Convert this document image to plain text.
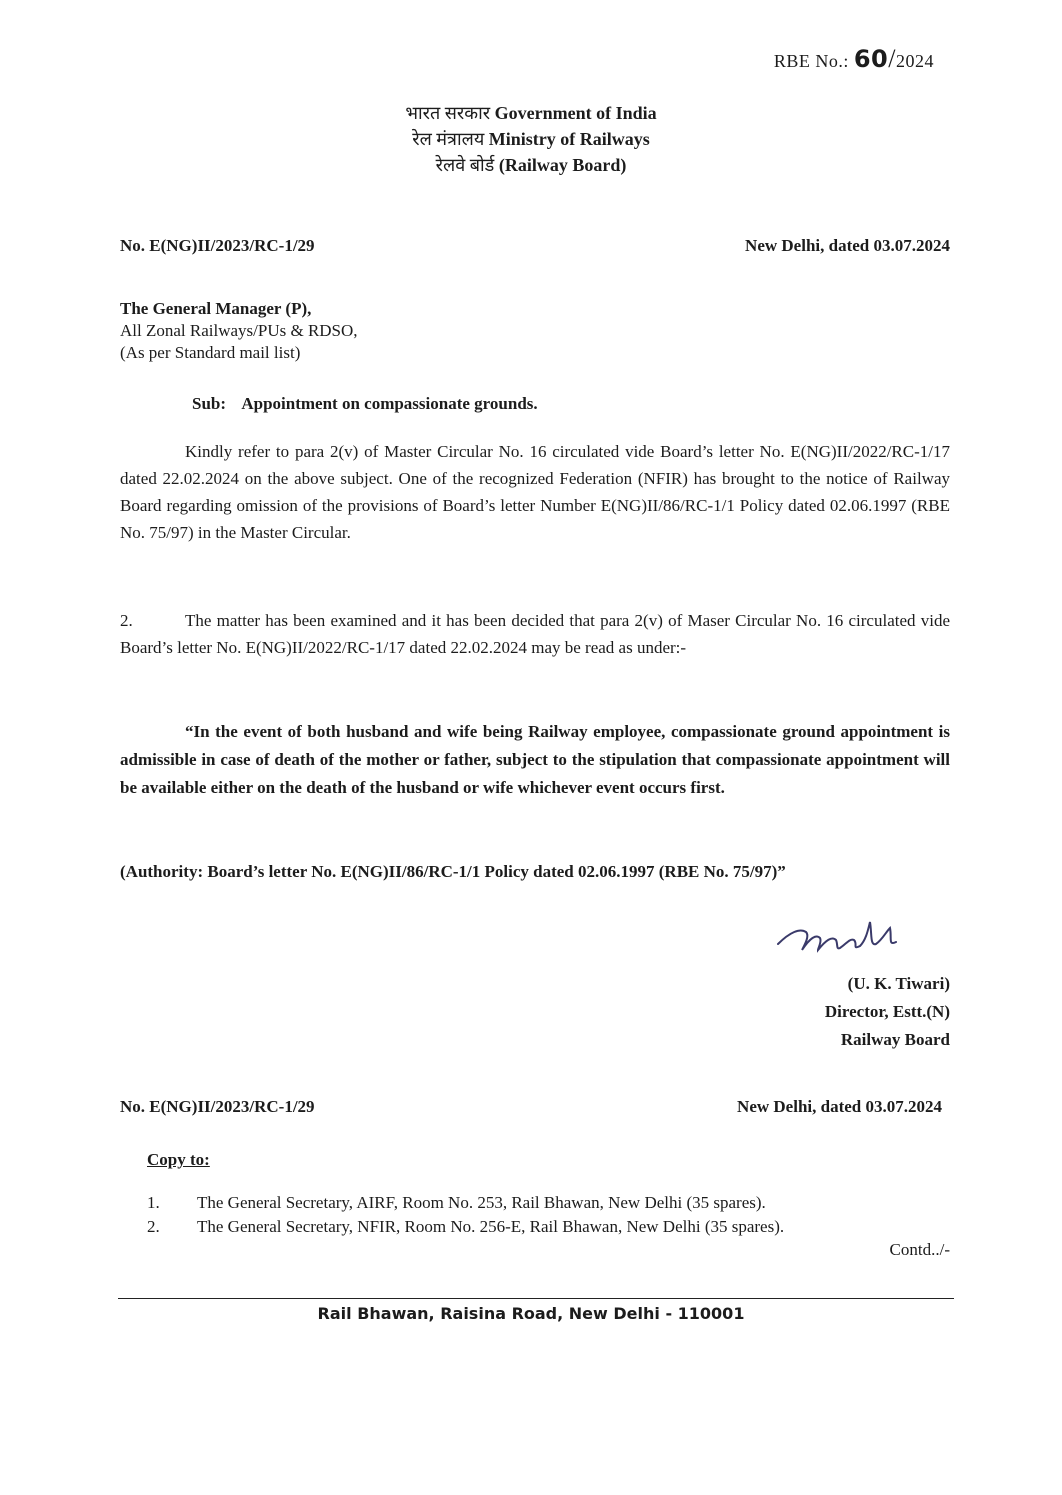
RBE No.: 60/2024
भारत सरकार Government of India
रेल मंत्रालय Ministry of Railways
रेलवे बोर्ड (Railway Board)
No. E(NG)II/2023/RC-1/29	New Delhi, dated 03.07.2024
The General Manager (P),
All Zonal Railways/PUs & RDSO,
(As per Standard mail list)
Sub: Appointment on compassionate grounds.
Kindly refer to para 2(v) of Master Circular No. 16 circulated vide Board’s letter No. E(NG)II/2022/RC-1/17 dated 22.02.2024 on the above subject. One of the recognized Federation (NFIR) has brought to the notice of Railway Board regarding omission of the provisions of Board’s letter Number E(NG)II/86/RC-1/1 Policy dated 02.06.1997 (RBE No. 75/97) in the Master Circular.
2.	The matter has been examined and it has been decided that para 2(v) of Maser Circular No. 16 circulated vide Board’s letter No. E(NG)II/2022/RC-1/17 dated 22.02.2024 may be read as under:-
“In the event of both husband and wife being Railway employee, compassionate ground appointment is admissible in case of death of the mother or father, subject to the stipulation that compassionate appointment will be available either on the death of the husband or wife whichever event occurs first.
(Authority: Board’s letter No. E(NG)II/86/RC-1/1 Policy dated 02.06.1997 (RBE No. 75/97)”
(U. K. Tiwari)
Director, Estt.(N)
Railway Board
No. E(NG)II/2023/RC-1/29	New Delhi, dated 03.07.2024
Copy to:
1. The General Secretary, AIRF, Room No. 253, Rail Bhawan, New Delhi (35 spares).
2. The General Secretary, NFIR, Room No. 256-E, Rail Bhawan, New Delhi (35 spares).
Contd../-
Rail Bhawan, Raisina Road, New Delhi - 110001
